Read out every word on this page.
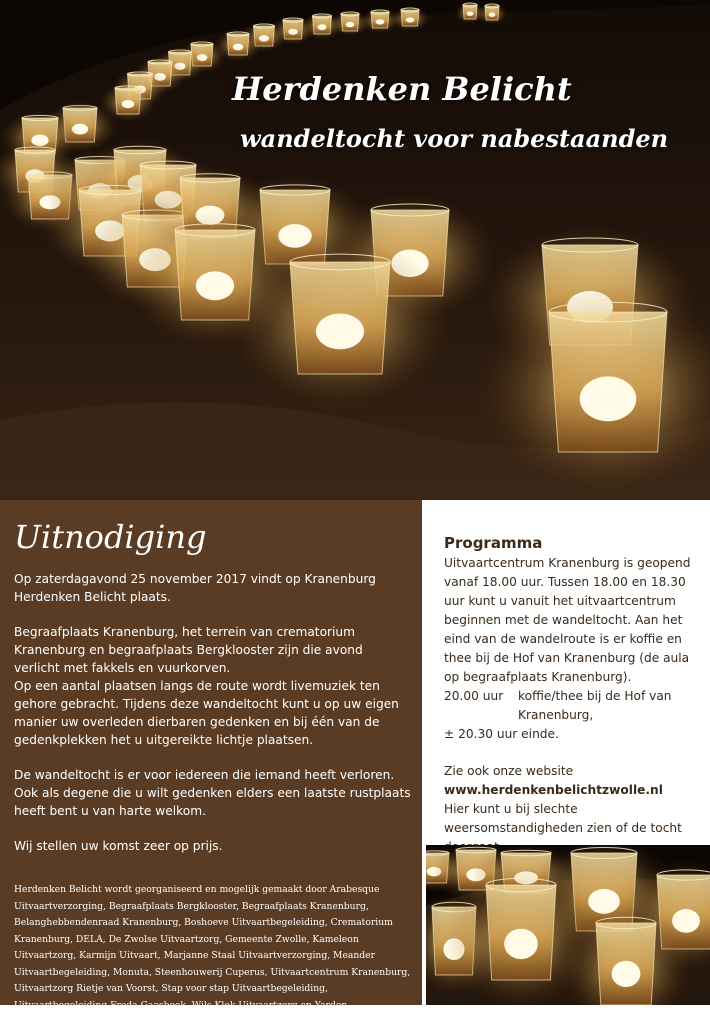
Herdenken Belicht
wandeltocht voor nabestaanden
Uitnodiging

Op zaterdagavond 25 november 2017 vindt op Kranenburg Herdenken Belicht plaats.

Begraafplaats Kranenburg, het terrein van crematorium Kranenburg en begraafplaats Bergklooster zijn die avond verlicht met fakkels en vuurkorven.

Op een aantal plaatsen langs de route wordt livemuziek ten gehore gebracht. Tijdens deze wandeltocht kunt u op uw eigen manier uw overleden dierbaren gedenken en bij één van de gedenkplekken het u uitgereikte lichtje plaatsen.

De wandeltocht is er voor iedereen die iemand heeft verloren. Ook als degene die u wilt gedenken elders een laatste rustplaats heeft bent u van harte welkom.

Wij stellen uw komst zeer op prijs.

Herdenken Belicht wordt georganiseerd en mogelijk gemaakt door Arabesque Uitvaartverzorging, Begraafplaats Bergklooster, Begraafplaats Kranenburg, Belanghebbendenraad Kranenburg, Boshoeve Uitvaartbegeleiding, Crematorium Kranenburg, DELA, De Zwolse Uitvaartzorg, Gemeente Zwolle, Kameleon Uitvaartzorg, Karmijn Uitvaart, Marjanne Staal Uitvaartverzorging, Meander Uitvaartbegeleiding, Monuta, Steenhouwerij Cuperus, Uitvaartcentrum Kranenburg, Uitvaartzorg Rietje van Voorst, Stap voor stap Uitvaartbegeleiding, Uitvaartbegeleiding Freda Gaasbeek, Wils Klok Uitvaartzorg en Yarden.
Programma

Uitvaartcentrum Kranenburg is geopend vanaf 18.00 uur. Tussen 18.00 en 18.30 uur kunt u vanuit het uitvaartcentrum beginnen met de wandeltocht. Aan het eind van de wandelroute is er koffie en thee bij de Hof van Kranenburg (de aula op begraafplaats Kranenburg).

20.00 uur	koffie/thee bij de Hof van Kranenburg,
± 20.30 uur einde.

Zie ook onze website

www.herdenkenbelichtzwolle.nl

Hier kunt u bij slechte weersomstandigheden zien of de tocht
